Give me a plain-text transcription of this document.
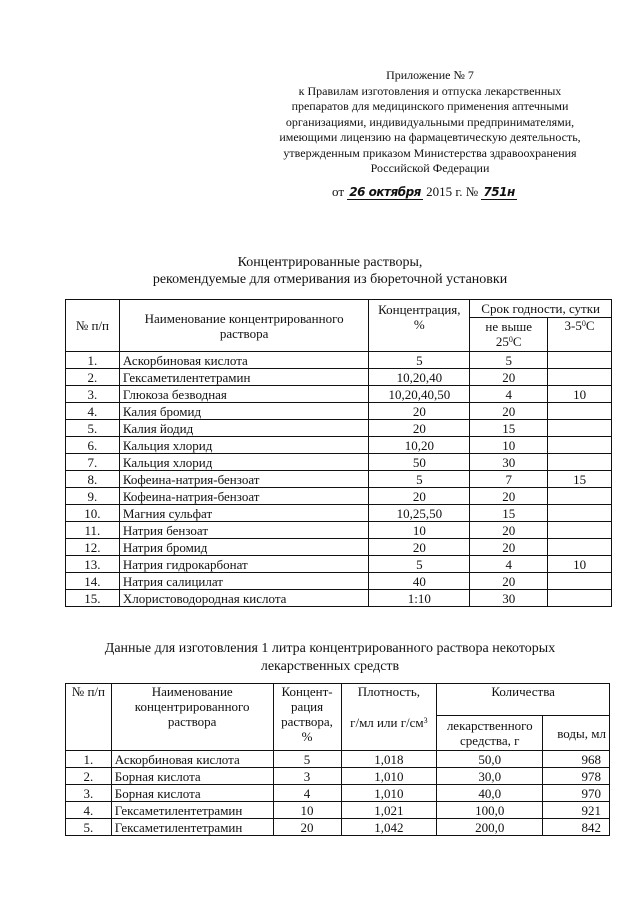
Приложение № 7
к Правилам изготовления и отпуска лекарственных
препаратов для медицинского применения аптечными
организациями, индивидуальными предпринимателями,
имеющими лицензию на фармацевтическую деятельность,
утвержденным приказом Министерства здравоохранения
Российской Федерации
от 26 октября 2015 г. № 751н
Концентрированные растворы,
рекомендуемые для отмеривания из бюреточной установки
№ п/п	Наименование концентрированного раствора	Концентрация, %	Срок годности, сутки	
			не выше $25^0С$	$3-5^0С$
1.	Аскорбиновая кислота	5	5	
2.	Гексаметилентетрамин	10,20,40	20	
3.	Глюкоза безводная	10,20,40,50	4	10
4.	Калия бромид	20	20	
5.	Калия йодид	20	15	
6.	Кальция хлорид	10,20	10	
7.	Кальция хлорид	50	30	
8.	Кофеина-натрия-бензоат	5	7	15
9.	Кофеина-натрия-бензоат	20	20	
10.	Магния сульфат	10,25,50	15	
11.	Натрия бензоат	10	20	
12.	Натрия бромид	20	20	
13.	Натрия гидрокарбонат	5	4	10
14.	Натрия салицилат	40	20	
15.	Хлористоводородная кислота	1:10	30	
Данные для изготовления 1 литра концентрированного раствора некоторых
лекарственных средств
№ п/п	Наименование концентрированного раствора	Концент-рация раствора, %	Плотность,
г/мл или $г/см^3$	Количества	
				лекарственного средства, г	воды, мл
1.	Аскорбиновая кислота	5	1,018	50,0	968
2.	Борная кислота	3	1,010	30,0	978
3.	Борная кислота	4	1,010	40,0	970
4.	Гексаметилентетрамин	10	1,021	100,0	921
5.	Гексаметилентетрамин	20	1,042	200,0	842
